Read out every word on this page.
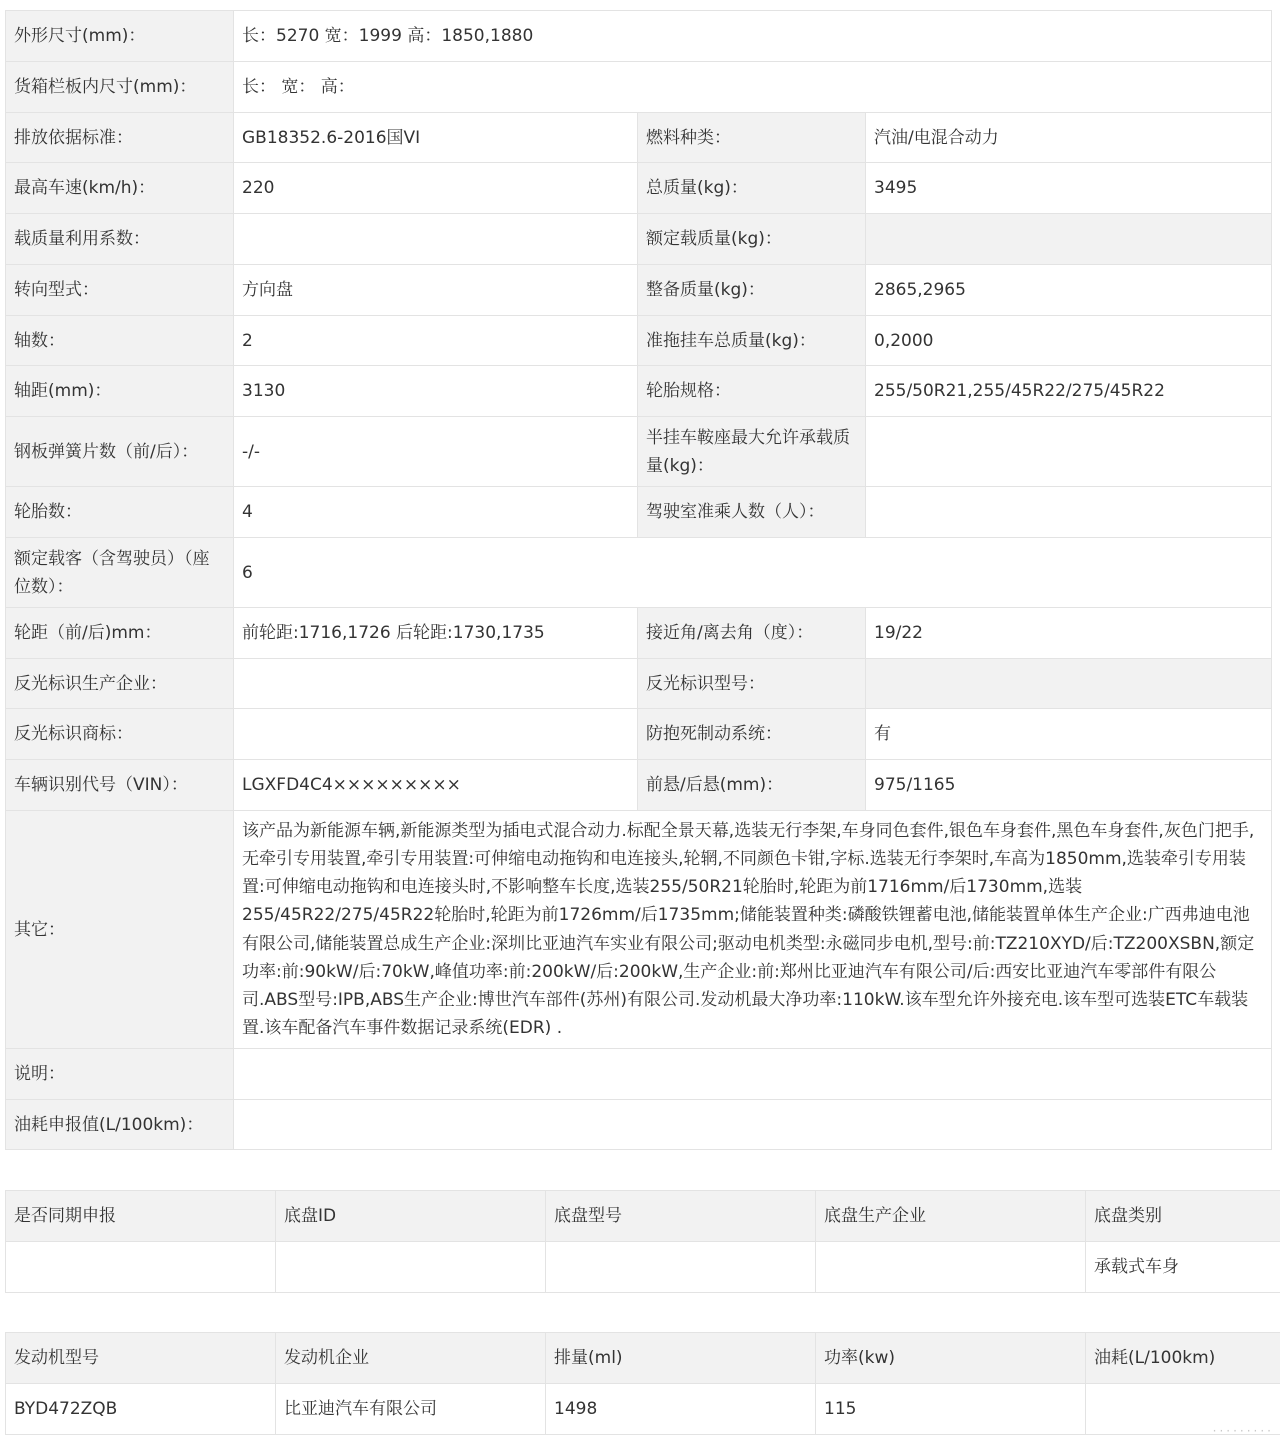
外形尺寸(mm)：	长：5270 宽：1999 高：1850,1880		
货箱栏板内尺寸(mm)：	长： 宽： 高：		
排放依据标准：	GB18352.6-2016国VI	燃料种类：	汽油/电混合动力
最高车速(km/h)：	220	总质量(kg)：	3495
载质量利用系数：		额定载质量(kg)：	
转向型式：	方向盘	整备质量(kg)：	2865,2965
轴数：	2	准拖挂车总质量(kg)：	0,2000
轴距(mm)：	3130	轮胎规格：	255/50R21,255/45R22/275/45R22
钢板弹簧片数（前/后）：	-/-	半挂车鞍座最大允许承载质量(kg)：	
轮胎数：	4	驾驶室准乘人数（人）：	
额定载客（含驾驶员）（座位数）：	6		
轮距（前/后)mm：	前轮距:1716,1726 后轮距:1730,1735	接近角/离去角（度）：	19/22
反光标识生产企业：		反光标识型号：	
反光标识商标：		防抱死制动系统：	有
车辆识别代号（VIN）：	LGXFD4C4×××××××××	前悬/后悬(mm)：	975/1165
其它：	该产品为新能源车辆,新能源类型为插电式混合动力.标配全景天幕,选装无行李架,车身同色套件,银色车身套件,黑色车身套件,灰色门把手,无牵引专用装置,牵引专用装置:可伸缩电动拖钩和电连接头,轮辋,不同颜色卡钳,字标.选装无行李架时,车高为1850mm,选装牵引专用装置:可伸缩电动拖钩和电连接头时,不影响整车长度,选装255/50R21轮胎时,轮距为前1716mm/后1730mm,选装255/45R22/275/45R22轮胎时,轮距为前1726mm/后1735mm;储能装置种类:磷酸铁锂蓄电池,储能装置单体生产企业:广西弗迪电池有限公司,储能装置总成生产企业:深圳比亚迪汽车实业有限公司;驱动电机类型:永磁同步电机,型号:前:TZ210XYD/后:TZ200XSBN,额定功率:前:90kW/后:70kW,峰值功率:前:200kW/后:200kW,生产企业:前:郑州比亚迪汽车有限公司/后:西安比亚迪汽车零部件有限公司.ABS型号:IPB,ABS生产企业:博世汽车部件(苏州)有限公司.发动机最大净功率:110kW.该车型允许外接充电.该车型可选装ETC车载装置.该车配备汽车事件数据记录系统(EDR) .		
说明：			
油耗申报值(L/100km)：			
是否同期申报	底盘ID	底盘型号	底盘生产企业	底盘类别
				承载式车身
发动机型号	发动机企业	排量(ml)	功率(kw)	油耗(L/100km)
BYD472ZQB	比亚迪汽车有限公司	1498	115	
·········
